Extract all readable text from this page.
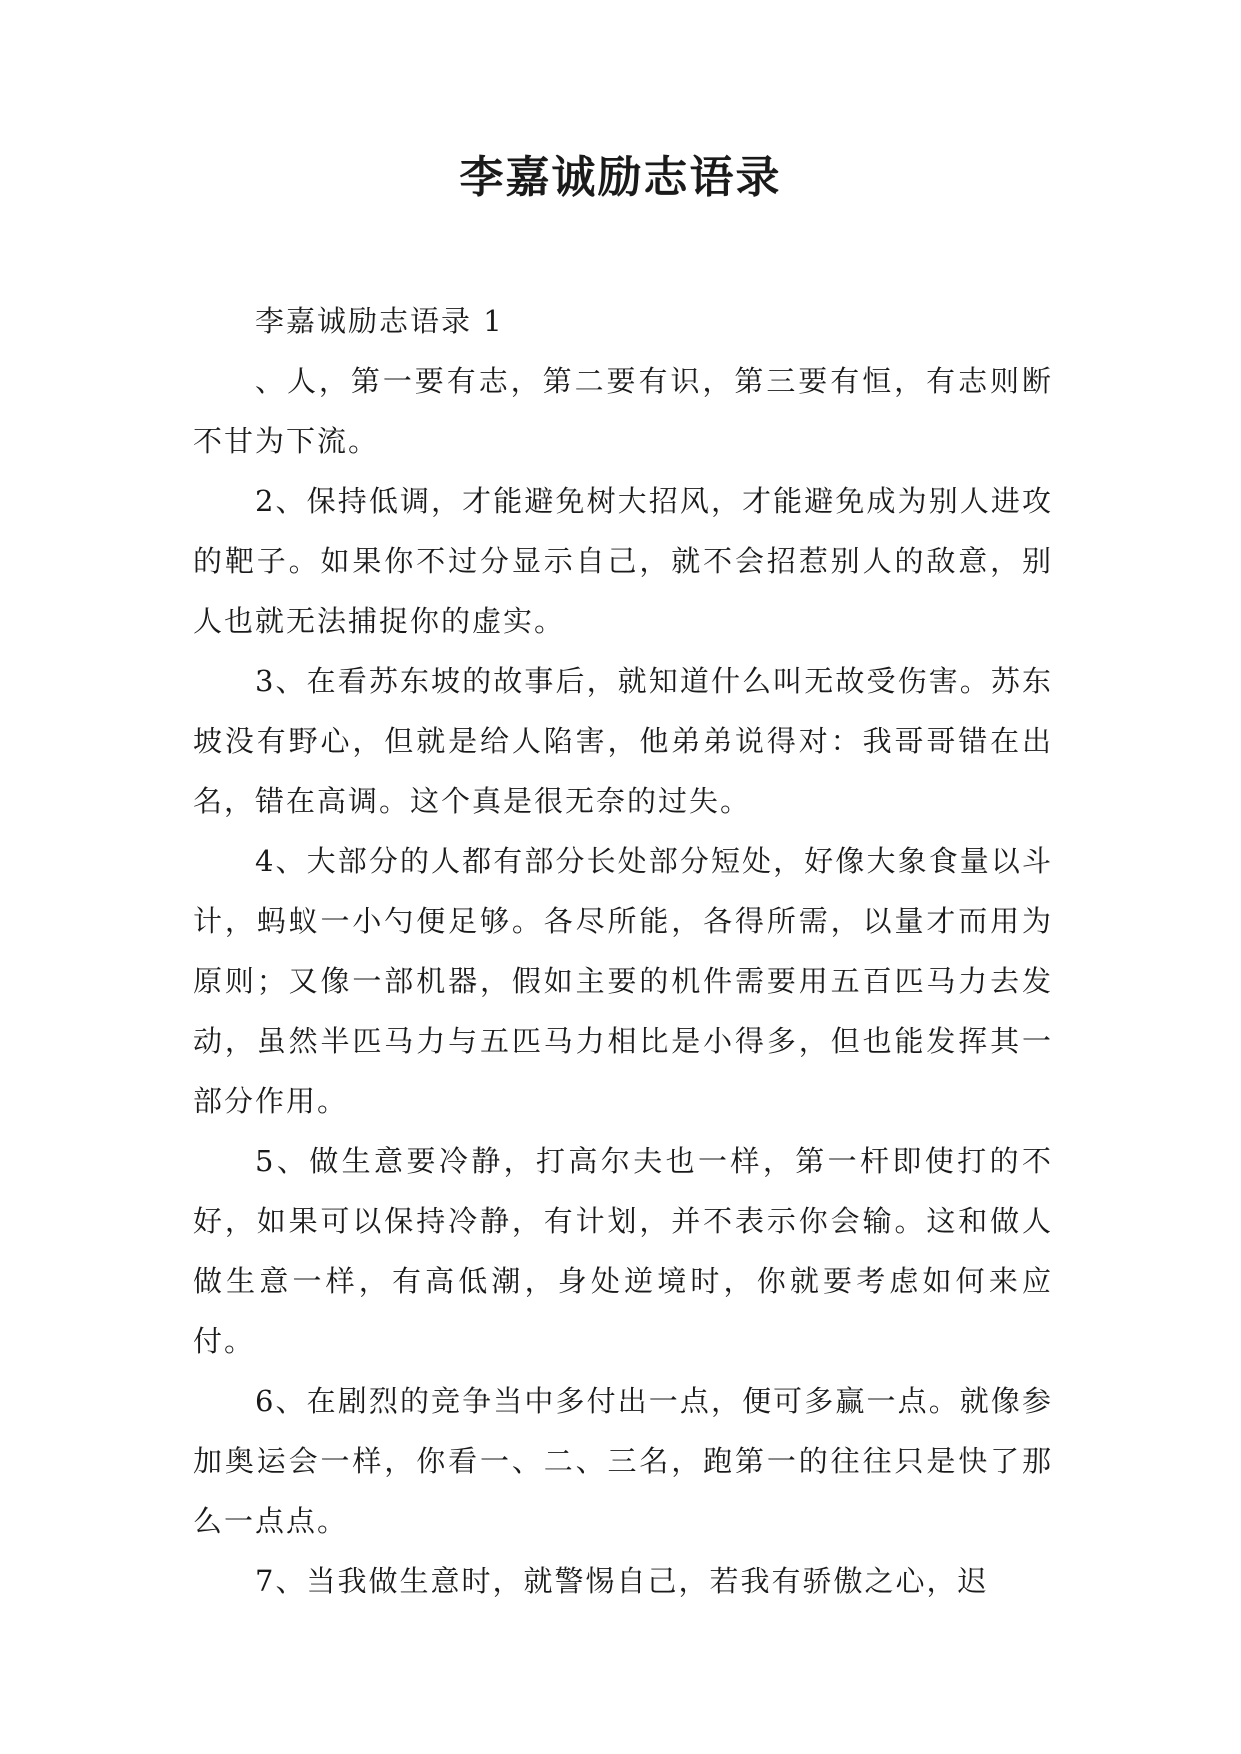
李嘉诚励志语录

李嘉诚励志语录 1

、人，第一要有志，第二要有识，第三要有恒，有志则断不甘为下流。

2、保持低调，才能避免树大招风，才能避免成为别人进攻的靶子。如果你不过分显示自己，就不会招惹别人的敌意，别人也就无法捕捉你的虚实。

3、在看苏东坡的故事后，就知道什么叫无故受伤害。苏东坡没有野心，但就是给人陷害，他弟弟说得对：我哥哥错在出名，错在高调。这个真是很无奈的过失。

4、大部分的人都有部分长处部分短处，好像大象食量以斗计，蚂蚁一小勺便足够。各尽所能，各得所需，以量才而用为原则；又像一部机器，假如主要的机件需要用五百匹马力去发动，虽然半匹马力与五匹马力相比是小得多，但也能发挥其一部分作用。

5、做生意要冷静，打高尔夫也一样，第一杆即使打的不好，如果可以保持冷静，有计划，并不表示你会输。这和做人做生意一样，有高低潮，身处逆境时，你就要考虑如何来应付。

6、在剧烈的竞争当中多付出一点，便可多赢一点。就像参加奥运会一样，你看一、二、三名，跑第一的往往只是快了那么一点点。

7、当我做生意时，就警惕自己，若我有骄傲之心，迟
